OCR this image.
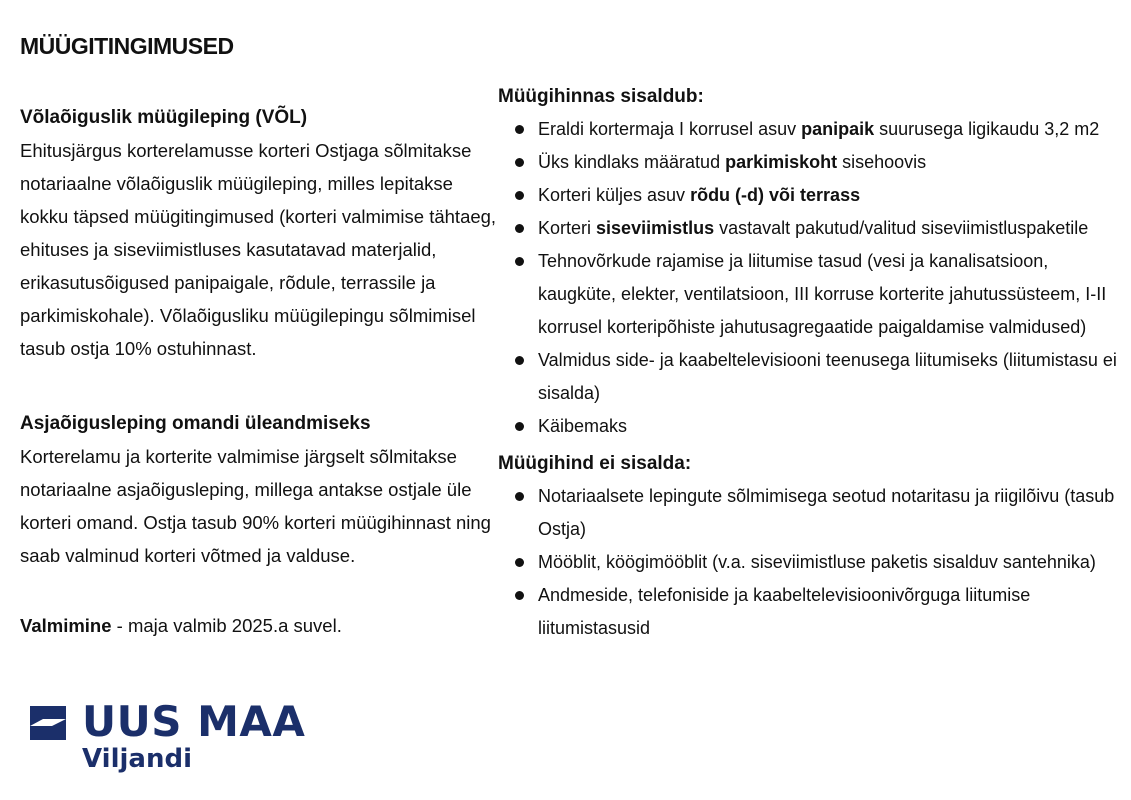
MÜÜGITINGIMUSED

Võlaõiguslik müügileping (VÕL)

Ehitusjärgus korterelamusse korteri Ostjaga sõlmitakse notariaalne võlaõiguslik müügileping, milles lepitakse kokku täpsed müügitingimused (korteri valmimise tähtaeg, ehituses ja siseviimistluses kasutatavad materjalid, erikasutusõigused panipaigale, rõdule, terrassile ja parkimiskohale). Võlaõigusliku müügilepingu sõlmimisel tasub ostja 10% ostuhinnast.

Asjaõigusleping omandi üleandmiseks

Korterelamu ja korterite valmimise järgselt sõlmitakse notariaalne asjaõigusleping, millega antakse ostjale üle korteri omand. Ostja tasub 90% korteri müügihinnast ning saab valminud korteri võtmed ja valduse.

Valmimine - maja valmib 2025.a suvel.

Müügihinnas sisaldub:

Eraldi kortermaja I korrusel asuv panipaik suurusega ligikaudu 3,2 m2
Üks kindlaks määratud parkimiskoht sisehoovis
Korteri küljes asuv rõdu (-d) või terrass
Korteri siseviimistlus vastavalt pakutud/valitud siseviimistluspaketile
Tehnovõrkude rajamise ja liitumise tasud (vesi ja kanalisatsioon, kaugküte, elekter, ventilatsioon, III korruse korterite jahutussüsteem, I-II korrusel korteripõhiste jahutusagregaatide paigaldamise valmidused)
Valmidus side- ja kaabeltelevisiooni teenusega liitumiseks (liitumistasu ei sisalda)
Käibemaks

Müügihind ei sisalda:

Notariaalsete lepingute sõlmimisega seotud notaritasu ja riigilõivu (tasub Ostja)
Mööblit, köögimööblit (v.a. siseviimistluse paketis sisalduv santehnika)
Andmeside, telefoniside ja kaabeltelevisioonivõrguga liitumise liitumistasusid
UUS MAA
Viljandi
